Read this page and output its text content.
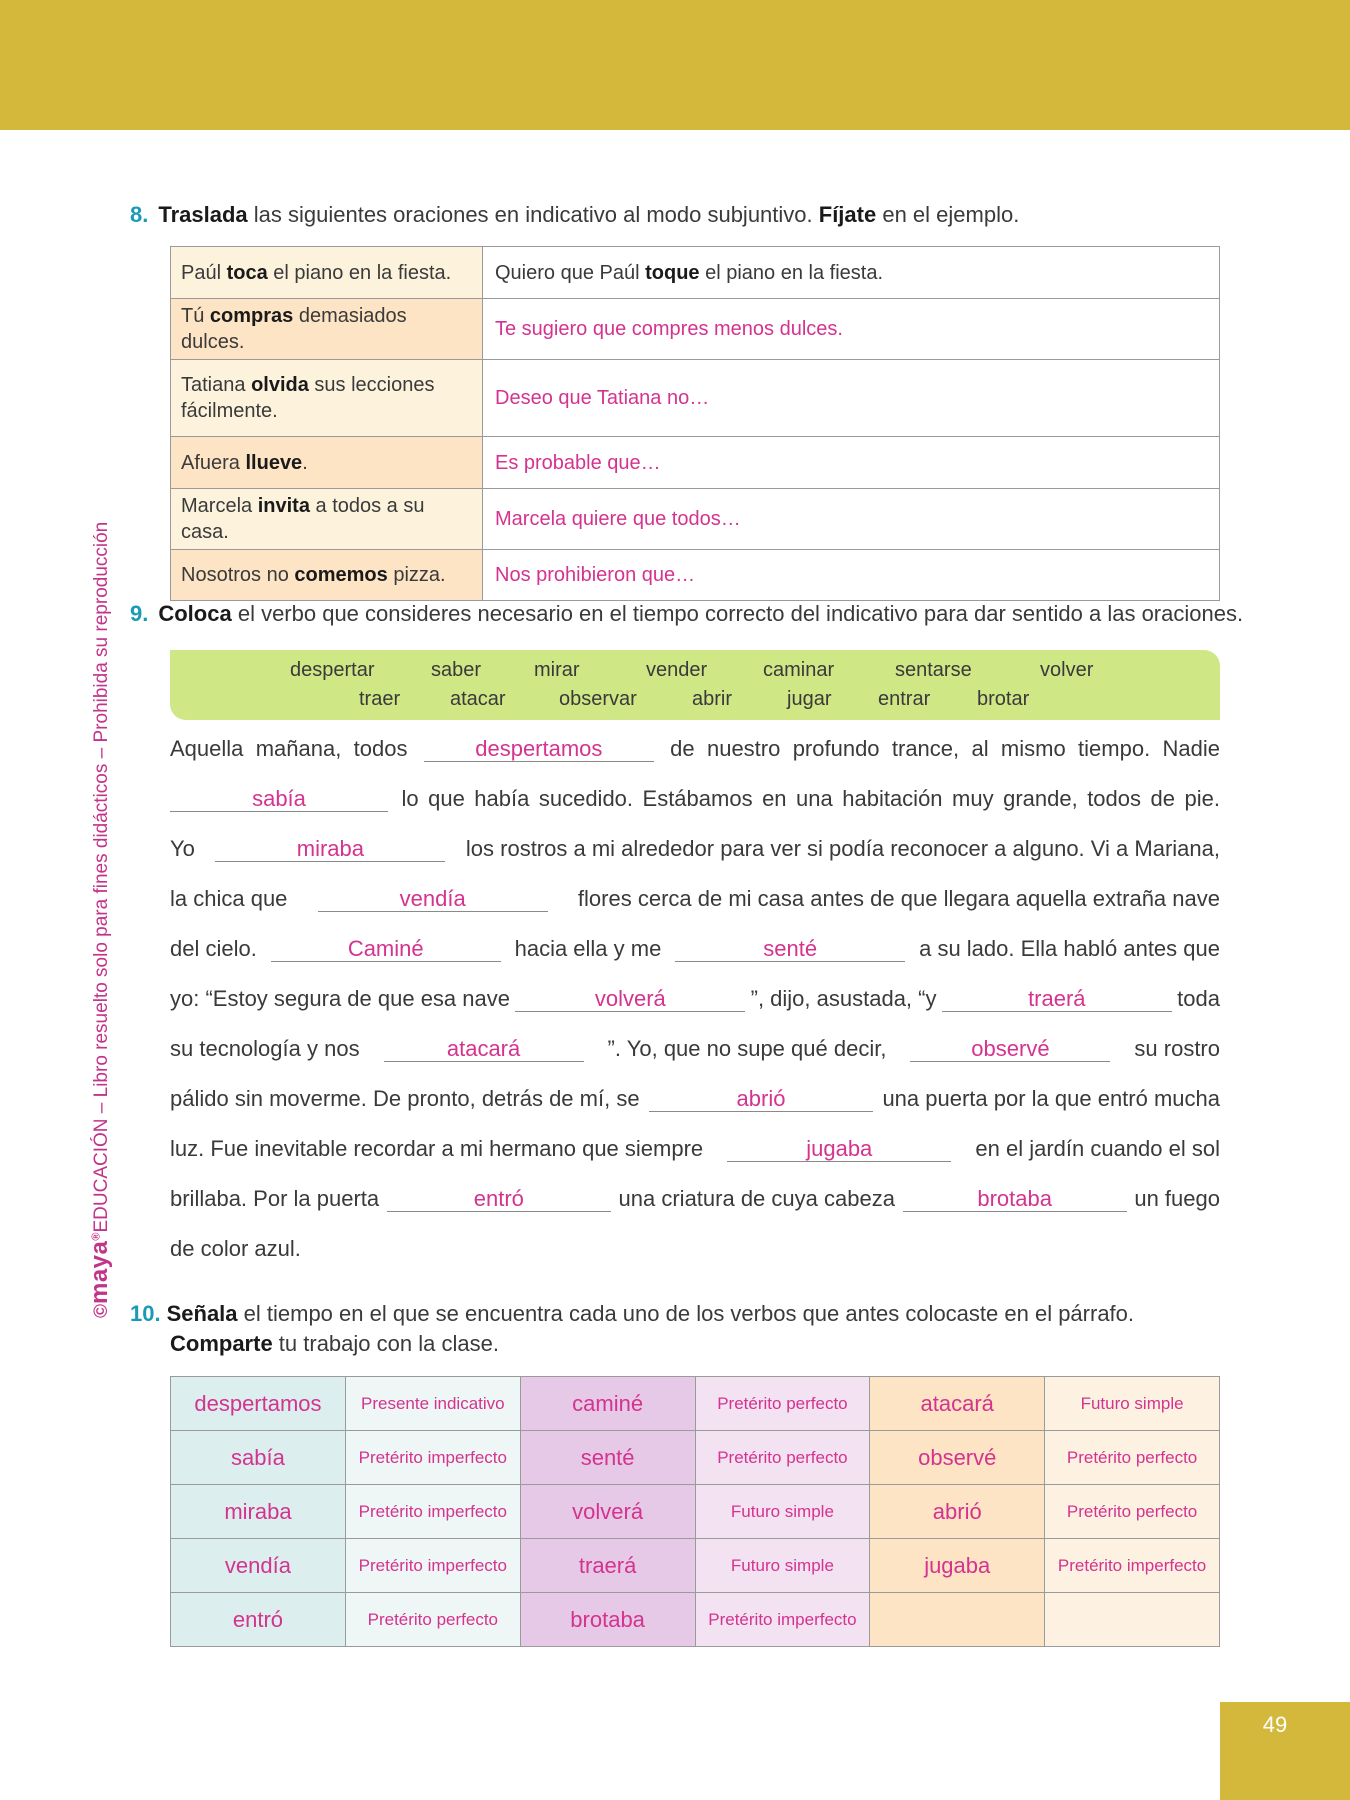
©maya®EDUCACIÓN – Libro resuelto solo para fines didácticos – Prohibida su reproducción
8. Traslada las siguientes oraciones en indicativo al modo subjuntivo. Fíjate en el ejemplo.
Paúl toca el piano en la fiesta.	Quiero que Paúl toque el piano en la fiesta.
Tú compras demasiados dulces.	Te sugiero que compres menos dulces.
Tatiana olvida sus lecciones fácilmente.	Deseo que Tatiana no…
Afuera llueve.	Es probable que…
Marcela invita a todos a su casa.	Marcela quiere que todos…
Nosotros no comemos pizza.	Nos prohibieron que…
9. Coloca el verbo que consideres necesario en el tiempo correcto del indicativo para dar sentido a las oraciones.
despertar	saber	mirar	vender	caminar	sentarse	volver
traer atacar	observar	abrir	jugar entrar brotar
Aquella mañana, todos	despertamos	de nuestro profundo trance, al mismo tiempo. Nadie
sabía	lo que había sucedido. Estábamos en una habitación muy grande, todos de pie.
Yo	miraba	los rostros a mi alrededor para ver si podía reconocer a alguno. Vi a Mariana,
la chica que	vendía	flores cerca de mi casa antes de que llegara aquella extraña nave
del cielo.	Caminé	hacia ella y me	senté	a su lado. Ella habló antes que
yo: “Estoy segura de que esa nave	volverá	”, dijo, asustada, “y	traerá	toda
su tecnología y nos	atacará	”. Yo, que no supe qué decir,	observé	su rostro
pálido sin moverme. De pronto, detrás de mí, se	abrió	una puerta por la que entró mucha
luz. Fue inevitable recordar a mi hermano que siempre	jugaba	en el jardín cuando el sol
brillaba. Por la puerta	entró	una criatura de cuya cabeza	brotaba	un fuego
de color azul.
10. Señala el tiempo en el que se encuentra cada uno de los verbos que antes colocaste en el párrafo.
Comparte tu trabajo con la clase.
despertamos	Presente indicativo	caminé	Pretérito perfecto	atacará	Futuro simple
sabía	Pretérito imperfecto	senté	Pretérito perfecto	observé	Pretérito perfecto
miraba	Pretérito imperfecto	volverá	Futuro simple	abrió	Pretérito perfecto
vendía	Pretérito imperfecto	traerá	Futuro simple	jugaba	Pretérito imperfecto
entró	Pretérito perfecto	brotaba	Pretérito imperfecto		
49
